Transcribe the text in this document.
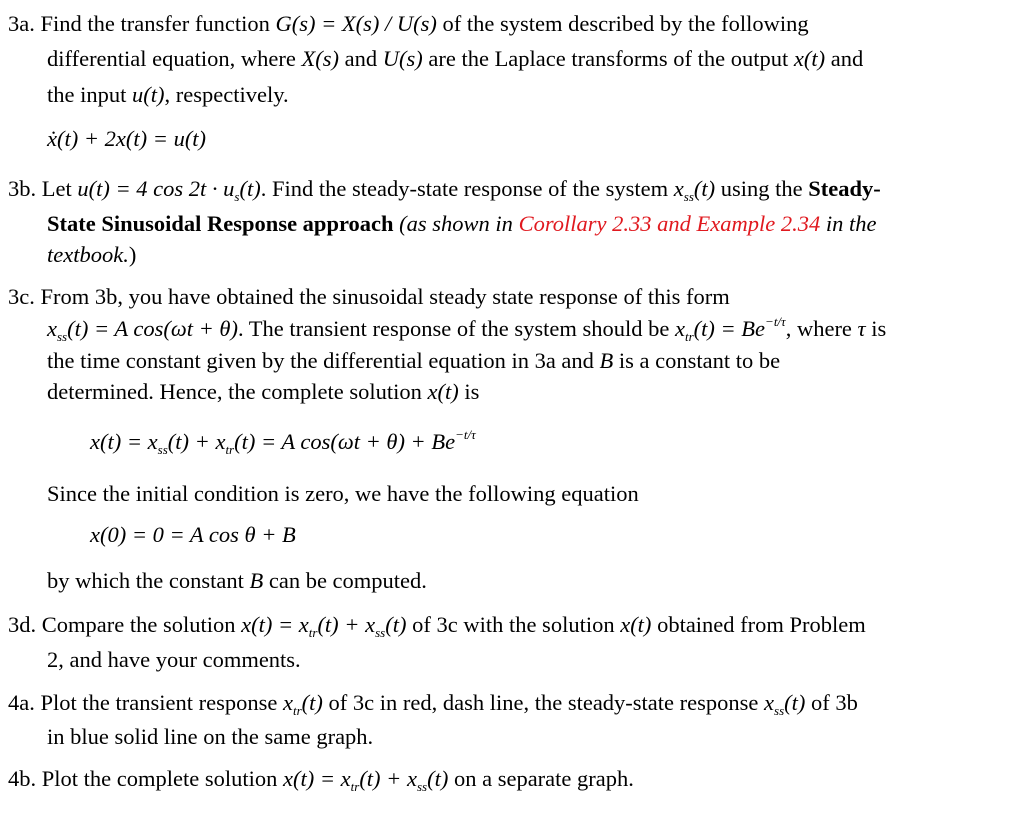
3a. Find the transfer function G(s) = X(s) / U(s) of the system described by the following
differential equation, where X(s) and U(s) are the Laplace transforms of the output x(t) and
the input u(t), respectively.
ẋ(t) + 2x(t) = u(t)
3b. Let u(t) = 4 $\cos 2t \cdot u_s(t)$. Find the steady-state response of the system $x_{ss}(t)$ using the Steady-
State Sinusoidal Response approach (as shown in Corollary 2.33 and Example 2.34 in the
textbook.)
3c. From 3b, you have obtained the sinusoidal steady state response of this form
$x_{ss}(t) = A$ cos(ωt + θ). The transient response of the system should be $x_{tr}(t) = Be^{-t/\tau}$, where τ is
the time constant given by the differential equation in 3a and B is a constant to be
determined. Hence, the complete solution x(t) is
$x(t) = x_{ss}(t) + x_{tr}(t) = A$ $\cos(\omega t + \theta) + Be^{-t/\tau}$
Since the initial condition is zero, we have the following equation
x(0) = 0 = A cos θ + B
by which the constant B can be computed.
3d. Compare the solution $x(t) = x_{tr}(t) + x_{ss}(t)$ of 3c with the solution x(t) obtained from Problem
2, and have your comments.
4a. Plot the transient response $x_{tr}(t)$ of 3c in red, dash line, the steady-state response $x_{ss}(t)$ of 3b
in blue solid line on the same graph.
4b. Plot the complete solution $x(t) = x_{tr}(t) + x_{ss}(t)$ on a separate graph.
